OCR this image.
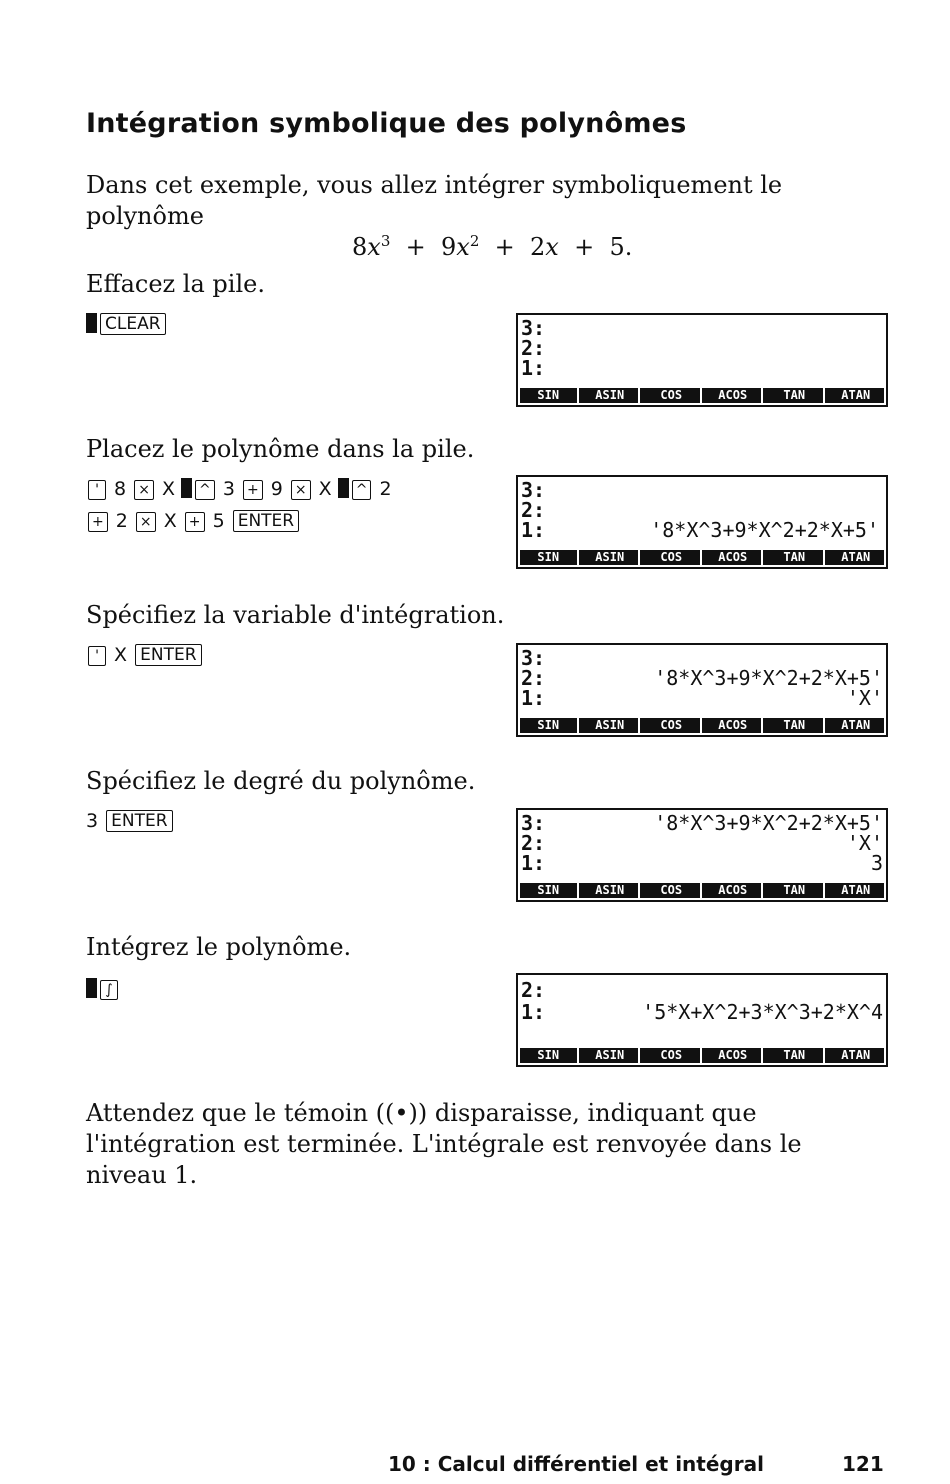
Intégration symbolique des polynômes
Dans cet exemple, vous allez intégrer symboliquement le polynôme
$8x^3 + 9x^2 + 2x + 5$.
Effacez la pile.
CLEAR	3:
2:
1:
SIN	ASIN	COS	ACOS	TAN	ATAN
Placez le polynôme dans la pile.
' 8 × X ^ 3 + 9 × X ^ 2
+ 2 × X + 5 ENTER
3:
2:
1:	'8*X^3+9*X^2+2*X+5'
SIN	ASIN	COS	ACOS	TAN	ATAN
Spécifiez la variable d'intégration.
' X ENTER	3:
2:	'8*X^3+9*X^2+2*X+5'
1:	'X'
SIN	ASIN	COS	ACOS	TAN	ATAN
Spécifiez le degré du polynôme.
3 ENTER	3:	'8*X^3+9*X^2+2*X+5'
2:	'X'
1:	3
SIN	ASIN	COS	ACOS	TAN	ATAN
Intégrez le polynôme.
∫	2:
1:	'5*X+X^2+3*X^3+2*X^4
SIN	ASIN	COS	ACOS	TAN	ATAN
Attendez que le témoin ((•)) disparaisse, indiquant que l'intégration est terminée. L'intégrale est renvoyée dans le niveau 1.
10 : Calcul différentiel et intégral	121
